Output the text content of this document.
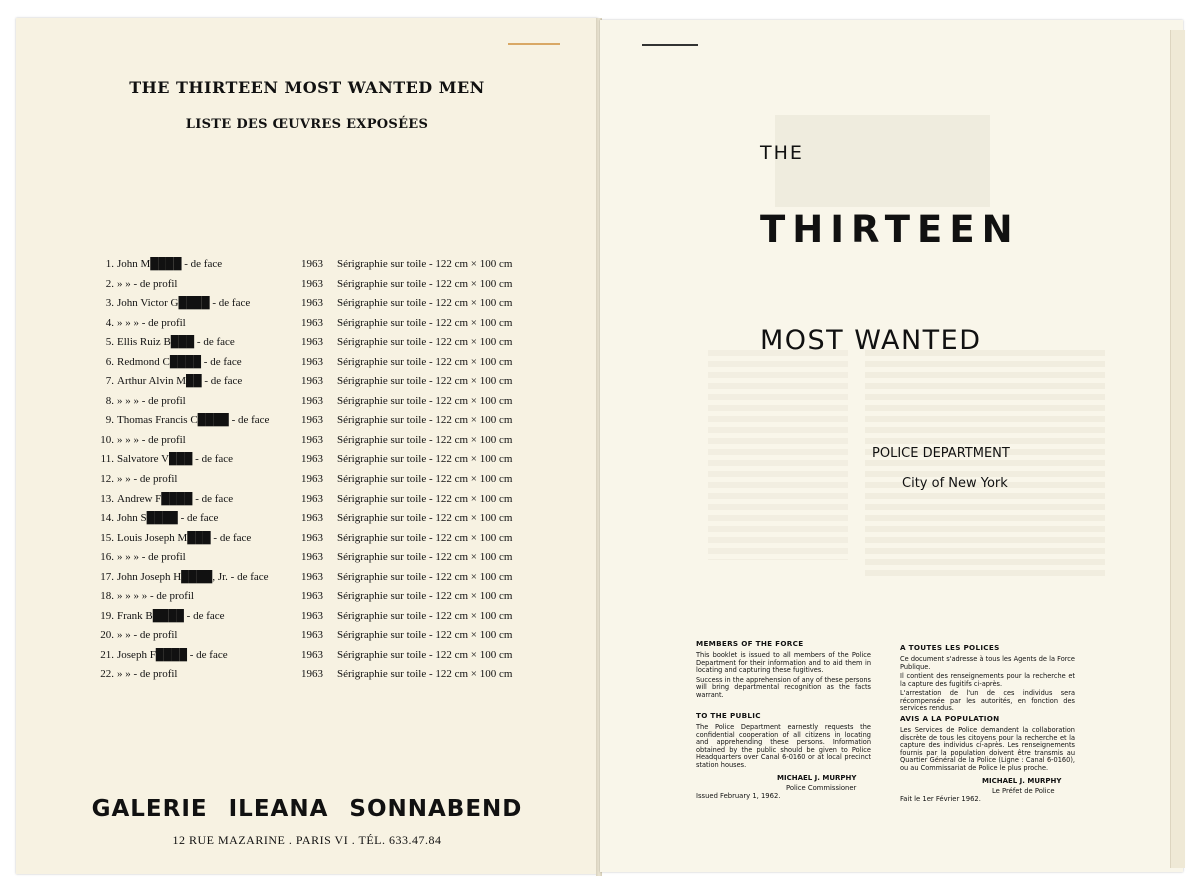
THE THIRTEEN MOST WANTED MEN
LISTE DES ŒUVRES EXPOSÉES
1. John M████ - de face	1963 Sérigraphie sur toile - 122 cm × 100 cm
2. » » - de profil	1963 Sérigraphie sur toile - 122 cm × 100 cm
3. John Victor G████ - de face	1963 Sérigraphie sur toile - 122 cm × 100 cm
4. » » » - de profil	1963 Sérigraphie sur toile - 122 cm × 100 cm
5. Ellis Ruiz B███ - de face	1963 Sérigraphie sur toile - 122 cm × 100 cm
6. Redmond C████ - de face	1963 Sérigraphie sur toile - 122 cm × 100 cm
7. Arthur Alvin M██ - de face	1963 Sérigraphie sur toile - 122 cm × 100 cm
8. » » » - de profil	1963 Sérigraphie sur toile - 122 cm × 100 cm
9. Thomas Francis C████ - de face	1963 Sérigraphie sur toile - 122 cm × 100 cm
10. » » » - de profil	1963 Sérigraphie sur toile - 122 cm × 100 cm
11. Salvatore V███ - de face	1963 Sérigraphie sur toile - 122 cm × 100 cm
12. » » - de profil	1963 Sérigraphie sur toile - 122 cm × 100 cm
13. Andrew F████ - de face	1963 Sérigraphie sur toile - 122 cm × 100 cm
14. John S████ - de face	1963 Sérigraphie sur toile - 122 cm × 100 cm
15. Louis Joseph M███ - de face	1963 Sérigraphie sur toile - 122 cm × 100 cm
16. » » » - de profil	1963 Sérigraphie sur toile - 122 cm × 100 cm
17. John Joseph H████, Jr. - de face	1963 Sérigraphie sur toile - 122 cm × 100 cm
18. » » » » - de profil	1963 Sérigraphie sur toile - 122 cm × 100 cm
19. Frank B████ - de face	1963 Sérigraphie sur toile - 122 cm × 100 cm
20. » » - de profil	1963 Sérigraphie sur toile - 122 cm × 100 cm
21. Joseph F████ - de face	1963 Sérigraphie sur toile - 122 cm × 100 cm
22. » » - de profil	1963 Sérigraphie sur toile - 122 cm × 100 cm
GALERIE ILEANA SONNABEND
12 RUE MAZARINE . PARIS VI . TÉL. 633.47.84
THE
THIRTEEN
MOST WANTED
POLICE DEPARTMENT
City of New York
MEMBERS OF THE FORCE

This booklet is issued to all members of the Police Department for their information and to aid them in locating and capturing these fugitives.

Success in the apprehension of any of these persons will bring departmental recognition as the facts warrant.

TO THE PUBLIC

The Police Department earnestly requests the confidential cooperation of all citizens in locating and apprehending these persons. Information obtained by the public should be given to Police Headquarters over Canal 6-0160 or at local precinct station houses.

MICHAEL J. MURPHY
Police Commissioner
Issued February 1, 1962.
A TOUTES LES POLICES

Ce document s'adresse à tous les Agents de la Force Publique.

Il contient des renseignements pour la recherche et la capture des fugitifs ci-après.

L'arrestation de l'un de ces individus sera récompensée par les autorités, en fonction des services rendus.

AVIS A LA POPULATION

Les Services de Police demandent la collaboration discrète de tous les citoyens pour la recherche et la capture des individus ci-après. Les renseignements fournis par la population doivent être transmis au Quartier Général de la Police (Ligne : Canal 6-0160), ou au Commissariat de Police le plus proche.

MICHAEL J. MURPHY
Le Préfet de Police
Fait le 1er Février 1962.
